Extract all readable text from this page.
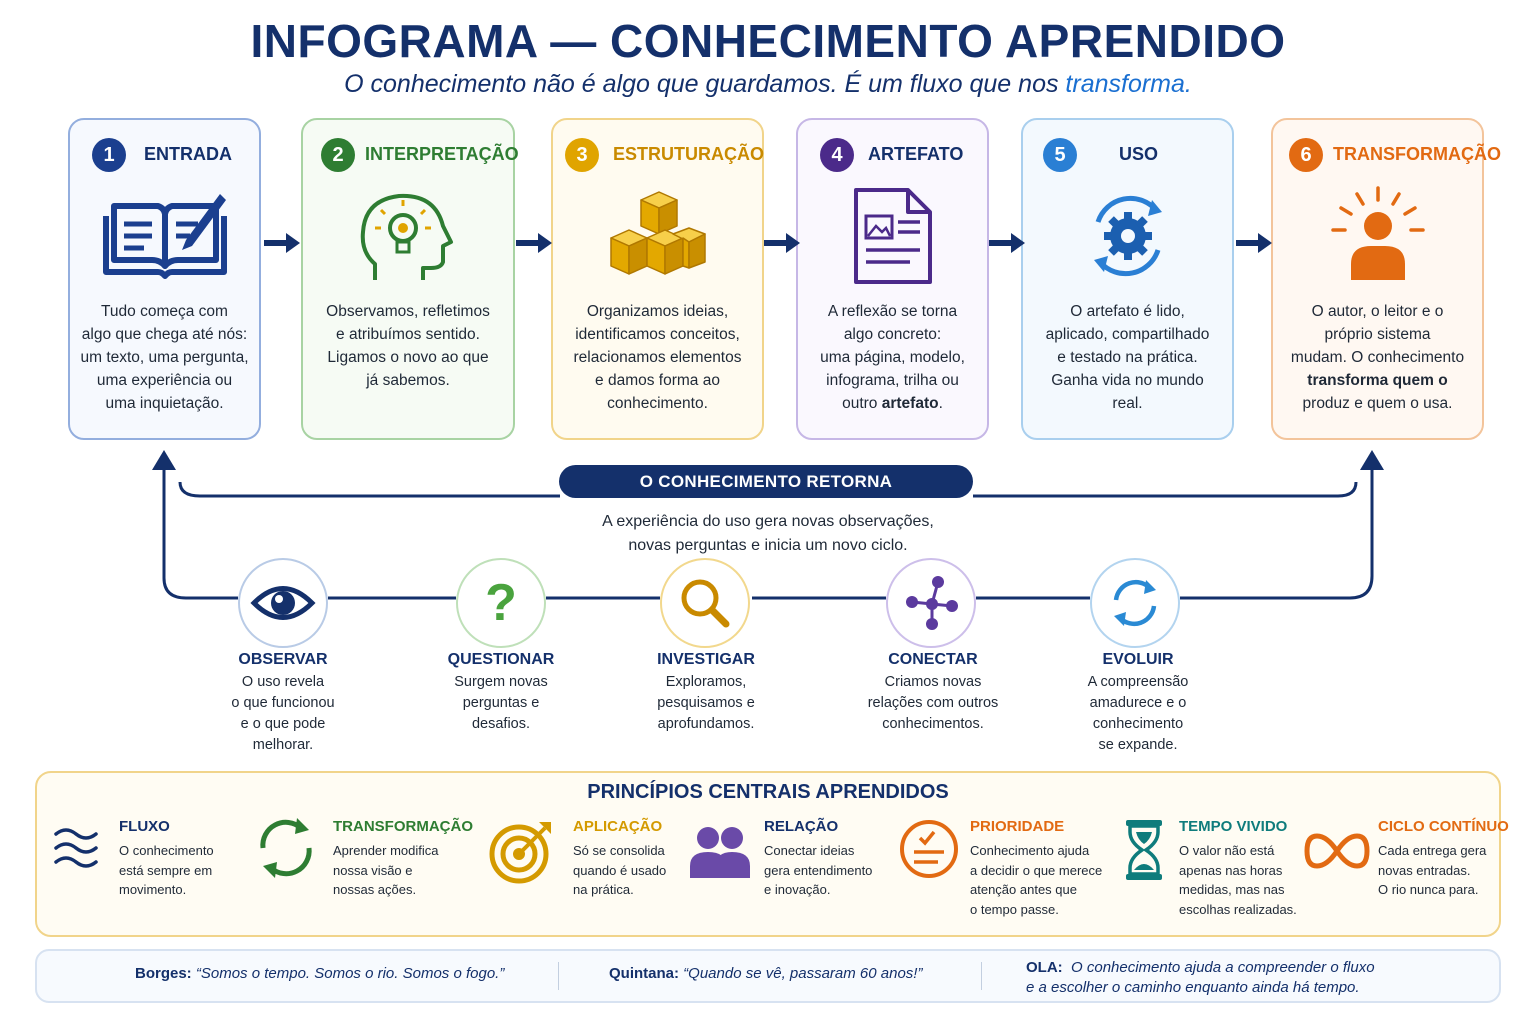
INFOGRAMA — CONHECIMENTO APRENDIDO
O conhecimento não é algo que guardamos. É um fluxo que nos transforma.
1	ENTRADA
Tudo começa com
algo que chega até nós:
um texto, uma pergunta,
uma experiência ou
uma inquietação.
2	INTERPRETAÇÃO
Observamos, refletimos
e atribuímos sentido.
Ligamos o novo ao que
já sabemos.
3	ESTRUTURAÇÃO
Organizamos ideias,
identificamos conceitos,
relacionamos elementos
e damos forma ao
conhecimento.
4	ARTEFATO
A reflexão se torna
algo concreto:
uma página, modelo,
infograma, trilha ou
outro artefato.
5	USO
O artefato é lido,
aplicado, compartilhado
e testado na prática.
Ganha vida no mundo
real.
6	TRANSFORMAÇÃO
O autor, o leitor e o
próprio sistema
mudam. O conhecimento
transforma quem o
produz e quem o usa.
O CONHECIMENTO RETORNA
A experiência do uso gera novas observações,
novas perguntas e inicia um novo ciclo.
?
OBSERVAR
O uso revela
o que funcionou
e o que pode
melhorar.
QUESTIONAR
Surgem novas
perguntas e
desafios.
INVESTIGAR
Exploramos,
pesquisamos e
aprofundamos.
CONECTAR
Criamos novas
relações com outros
conhecimentos.
EVOLUIR
A compreensão
amadurece e o
conhecimento
se expande.
PRINCÍPIOS CENTRAIS APRENDIDOS
FLUXO
O conhecimento
está sempre em
movimento.
TRANSFORMAÇÃO
Aprender modifica
nossa visão e
nossas ações.
APLICAÇÃO
Só se consolida
quando é usado
na prática.
RELAÇÃO
Conectar ideias
gera entendimento
e inovação.
PRIORIDADE
Conhecimento ajuda
a decidir o que merece
atenção antes que
o tempo passe.
TEMPO VIVIDO
O valor não está
apenas nas horas
medidas, mas nas
escolhas realizadas.
CICLO CONTÍNUO
Cada entrega gera
novas entradas.
O rio nunca para.
Borges: “Somos o tempo. Somos o rio. Somos o fogo.”	Quintana: “Quando se vê, passaram 60 anos!”	OLA: O conhecimento ajuda a compreender o fluxo
e a escolher o caminho enquanto ainda há tempo.
